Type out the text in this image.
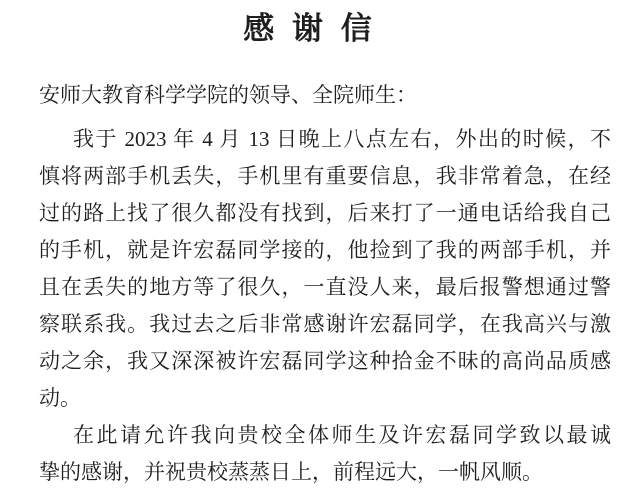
感 谢 信
安师大教育科学学院的领导、全院师生：
我于 2023 年 4 月 13 日晚上八点左右，外出的时候，不
慎将两部手机丢失，手机里有重要信息，我非常着急，在经
过的路上找了很久都没有找到，后来打了一通电话给我自己
的手机，就是许宏磊同学接的，他捡到了我的两部手机，并
且在丢失的地方等了很久，一直没人来，最后报警想通过警
察联系我。我过去之后非常感谢许宏磊同学，在我高兴与激
动之余，我又深深被许宏磊同学这种拾金不昧的高尚品质感
动。
在此请允许我向贵校全体师生及许宏磊同学致以最诚
挚的感谢，并祝贵校蒸蒸日上，前程远大，一帆风顺。
